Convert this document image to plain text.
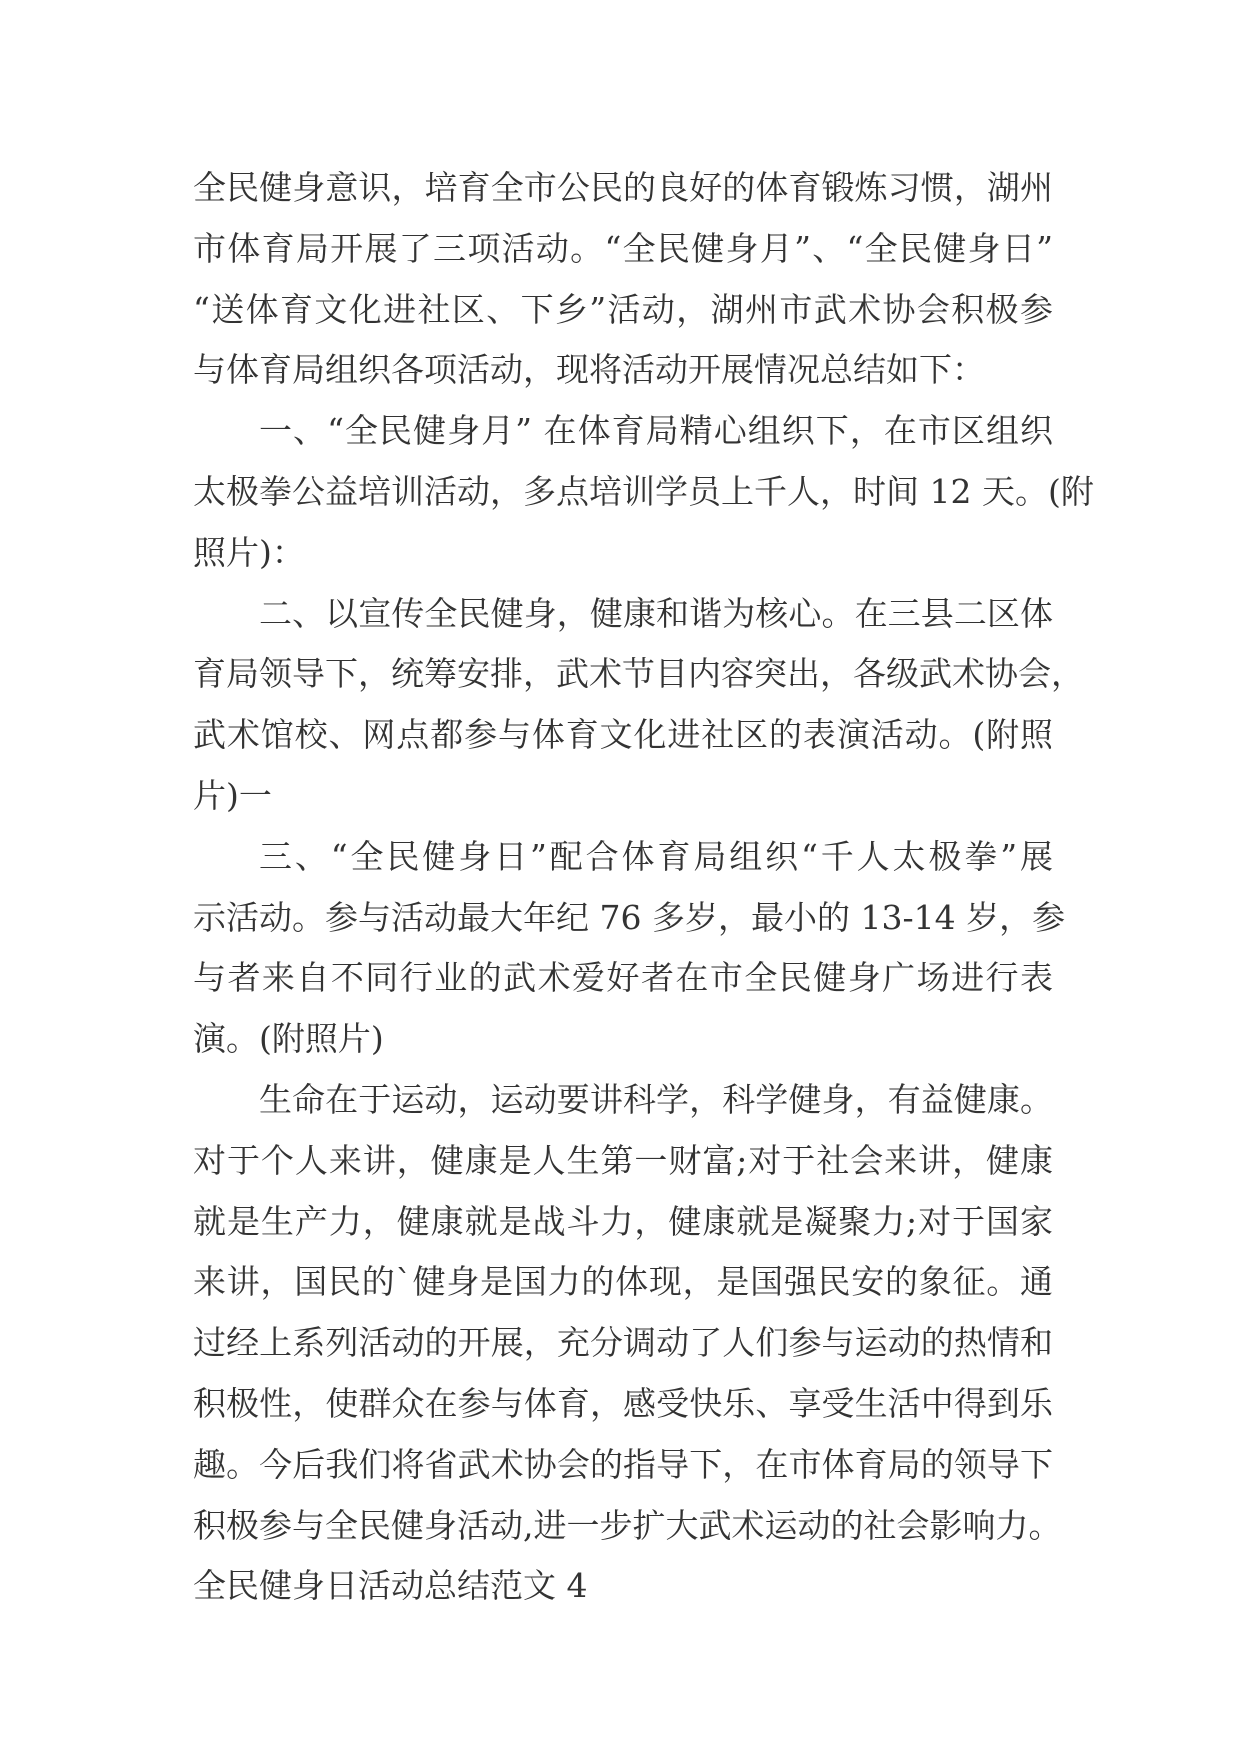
全民健身意识，培育全市公民的良好的体育锻炼习惯，湖州
市体育局开展了三项活动。“全民健身月”、“全民健身日”
“送体育文化进社区、下乡”活动，湖州市武术协会积极参
与体育局组织各项活动，现将活动开展情况总结如下：
一、“全民健身月” 在体育局精心组织下，在市区组织
太极拳公益培训活动，多点培训学员上千人，时间 12 天。(附
照片)：
二、以宣传全民健身，健康和谐为核心。在三县二区体
育局领导下，统筹安排，武术节目内容突出，各级武术协会，
武术馆校、网点都参与体育文化进社区的表演活动。(附照
片)一
三、“全民健身日”配合体育局组织“千人太极拳”展
示活动。参与活动最大年纪 76 多岁，最小的 13-14 岁，参
与者来自不同行业的武术爱好者在市全民健身广场进行表
演。(附照片)
生命在于运动，运动要讲科学，科学健身，有益健康。
对于个人来讲，健康是人生第一财富;对于社会来讲，健康
就是生产力，健康就是战斗力，健康就是凝聚力;对于国家
来讲，国民的`健身是国力的体现，是国强民安的象征。通
过经上系列活动的开展，充分调动了人们参与运动的热情和
积极性，使群众在参与体育，感受快乐、享受生活中得到乐
趣。今后我们将省武术协会的指导下，在市体育局的领导下
积极参与全民健身活动,进一步扩大武术运动的社会影响力。
全民健身日活动总结范文 4
